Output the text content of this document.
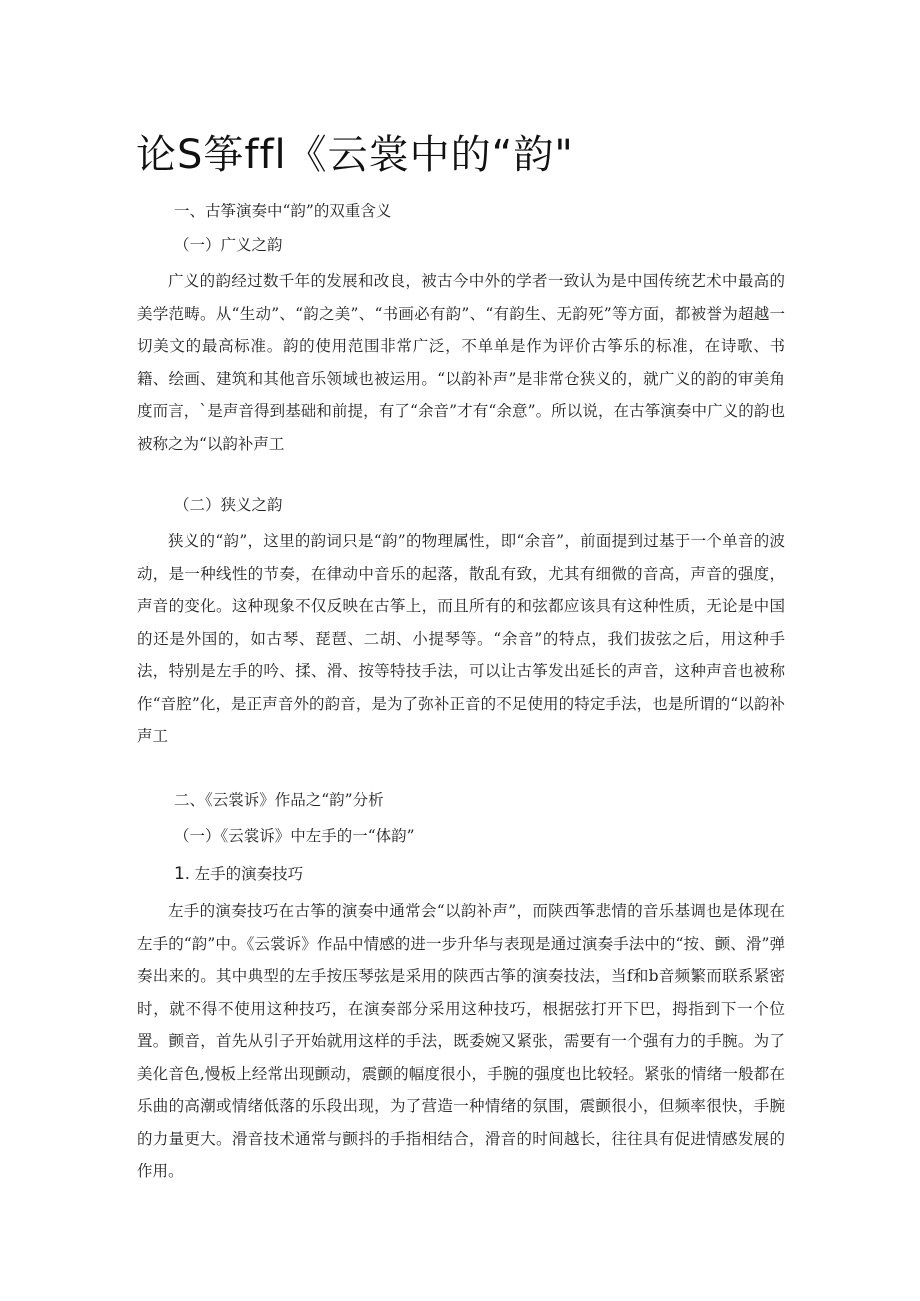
论S筝ffl《云裳中的“韵"

一、古筝演奏中“韵”的双重含义

（一）广义之韵

广义的韵经过数千年的发展和改良，被古今中外的学者一致认为是中国传统艺术中最高的美学范畴。从“生动”、“韵之美”、“书画必有韵”、“有韵生、无韵死”等方面，都被誉为超越一切美文的最高标准。韵的使用范围非常广泛，不单单是作为评价古筝乐的标准，在诗歌、书籍、绘画、建筑和其他音乐领域也被运用。“以韵补声”是非常仓狭义的，就广义的韵的审美角度而言，`是声音得到基础和前提，有了“余音”才有“余意”。所以说，在古筝演奏中广义的韵也被称之为“以韵补声工

（二）狭义之韵

狭义的“韵”，这里的韵词只是“韵”的物理属性，即“余音”，前面提到过基于一个单音的波动，是一种线性的节奏，在律动中音乐的起落，散乱有致，尤其有细微的音高，声音的强度，声音的变化。这种现象不仅反映在古筝上，而且所有的和弦都应该具有这种性质，无论是中国的还是外国的，如古琴、琵琶、二胡、小提琴等。“余音”的特点，我们拔弦之后，用这种手法，特别是左手的吟、揉、滑、按等特技手法，可以让古筝发出延长的声音，这种声音也被称作“音腔”化，是正声音外的韵音，是为了弥补正音的不足使用的特定手法，也是所谓的“以韵补声工

二、《云裳诉》作品之“韵”分析

（一）《云裳诉》中左手的一“体韵”

1. 左手的演奏技巧

左手的演奏技巧在古筝的演奏中通常会“以韵补声”，而陕西筝悲情的音乐基调也是体现在左手的“韵”中。《云裳诉》作品中情感的进一步升华与表现是通过演奏手法中的“按、颤、滑”弹奏出来的。其中典型的左手按压琴弦是采用的陕西古筝的演奏技法，当f和b音频繁而联系紧密时，就不得不使用这种技巧，在演奏部分采用这种技巧，根据弦打开下巴，拇指到下一个位置。颤音，首先从引子开始就用这样的手法，既委婉又紧张，需要有一个强有力的手腕。为了美化音色,慢板上经常出现颤动，震颤的幅度很小，手腕的强度也比较轻。紧张的情绪一般都在乐曲的高潮或情绪低落的乐段出现，为了营造一种情绪的氛围，震颤很小，但频率很快，手腕的力量更大。滑音技术通常与颤抖的手指相结合，滑音的时间越长，往往具有促进情感发展的作用。
